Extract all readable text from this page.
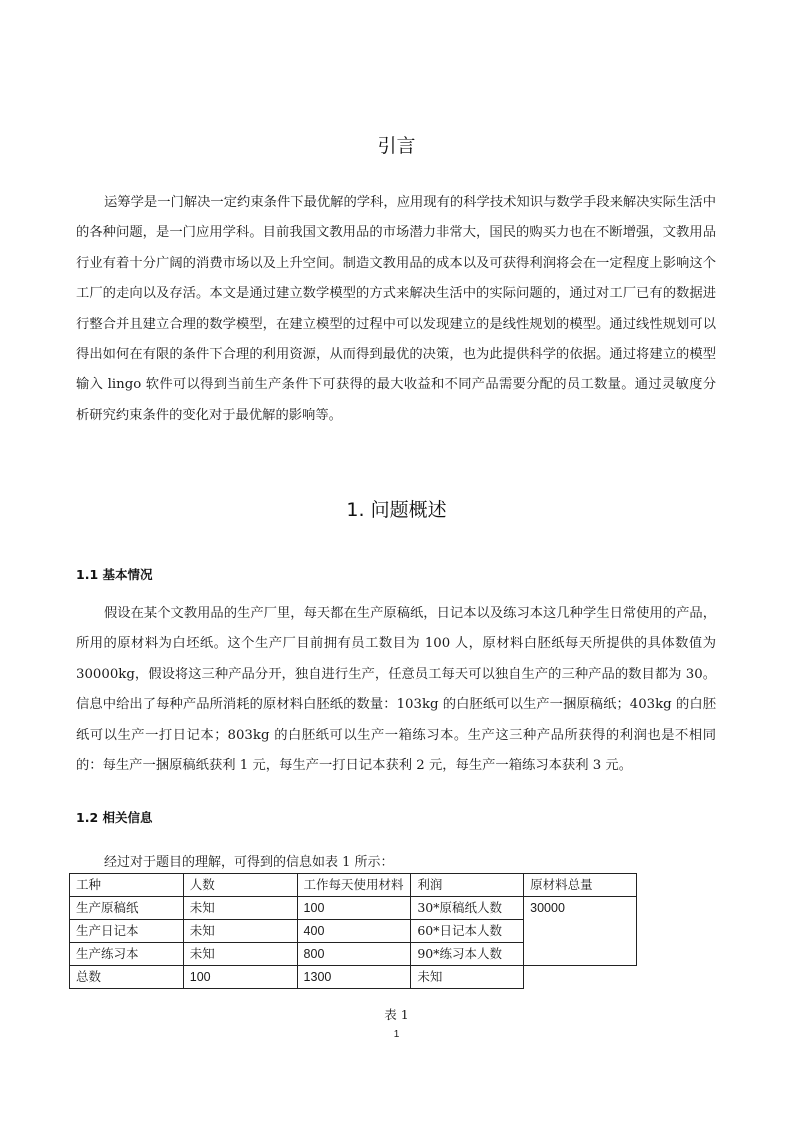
引言

运筹学是一门解决一定约束条件下最优解的学科，应用现有的科学技术知识与数学手段来解决实际生活中的各种问题，是一门应用学科。目前我国文教用品的市场潜力非常大，国民的购买力也在不断增强，文教用品行业有着十分广阔的消费市场以及上升空间。制造文教用品的成本以及可获得利润将会在一定程度上影响这个工厂的走向以及存活。本文是通过建立数学模型的方式来解决生活中的实际问题的，通过对工厂已有的数据进行整合并且建立合理的数学模型，在建立模型的过程中可以发现建立的是线性规划的模型。通过线性规划可以得出如何在有限的条件下合理的利用资源，从而得到最优的决策，也为此提供科学的依据。通过将建立的模型输入 lingo 软件可以得到当前生产条件下可获得的最大收益和不同产品需要分配的员工数量。通过灵敏度分析研究约束条件的变化对于最优解的影响等。

1. 问题概述
1.1 基本情况

假设在某个文教用品的生产厂里，每天都在生产原稿纸，日记本以及练习本这几种学生日常使用的产品，所用的原材料为白坯纸。这个生产厂目前拥有员工数目为 100 人，原材料白胚纸每天所提供的具体数值为 30000kg，假设将这三种产品分开，独自进行生产，任意员工每天可以独自生产的三种产品的数目都为 30。信息中给出了每种产品所消耗的原材料白胚纸的数量：103kg 的白胚纸可以生产一捆原稿纸；403kg 的白胚纸可以生产一打日记本；803kg 的白胚纸可以生产一箱练习本。生产这三种产品所获得的利润也是不相同的：每生产一捆原稿纸获利 1 元，每生产一打日记本获利 2 元，每生产一箱练习本获利 3 元。

1.2 相关信息
经过对于题目的理解，可得到的信息如表 1 所示：
工种	人数	工作每天使用材料	利润	原材料总量
生产原稿纸	未知	100	30*原稿纸人数	30000
生产日记本	未知	400	60*日记本人数	
生产练习本	未知	800	90*练习本人数	
总数	100	1300	未知	
表 1
1
